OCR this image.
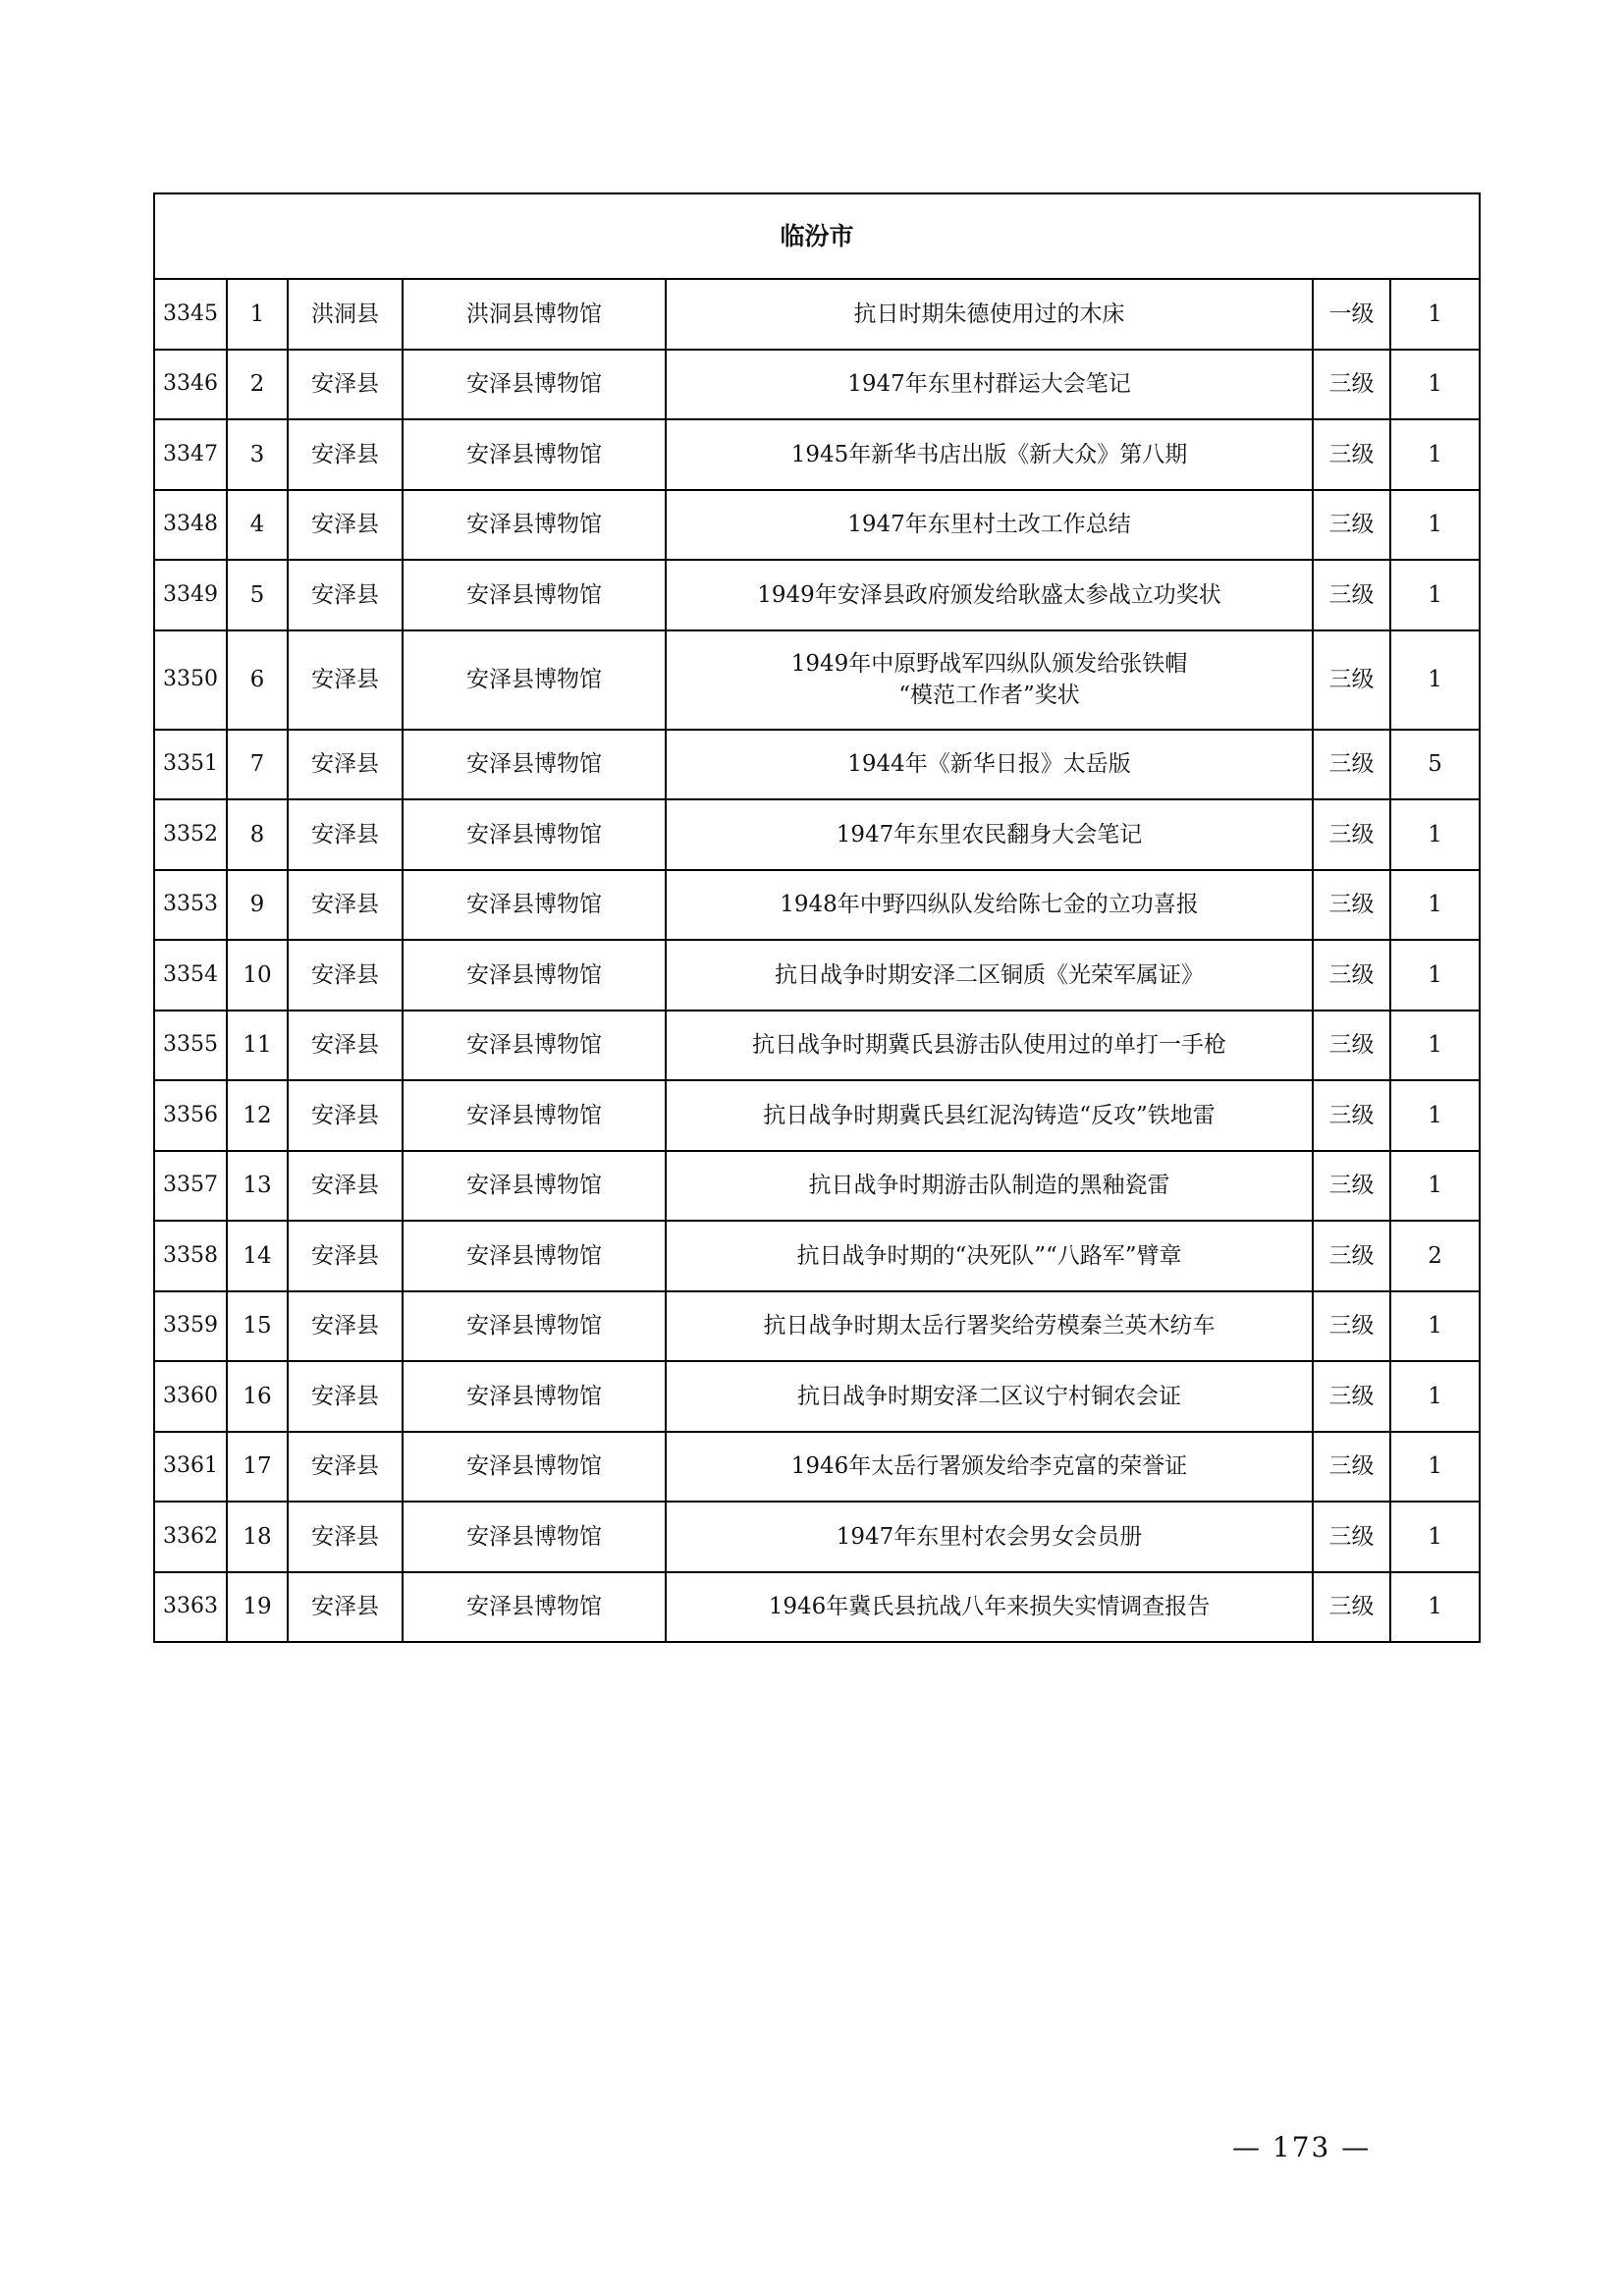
临汾市						
3345	1	洪洞县	洪洞县博物馆	抗日时期朱德使用过的木床	一级	1
3346	2	安泽县	安泽县博物馆	1947年东里村群运大会笔记	三级	1
3347	3	安泽县	安泽县博物馆	1945年新华书店出版《新大众》第八期	三级	1
3348	4	安泽县	安泽县博物馆	1947年东里村土改工作总结	三级	1
3349	5	安泽县	安泽县博物馆	1949年安泽县政府颁发给耿盛太参战立功奖状	三级	1
3350	6	安泽县	安泽县博物馆	1949年中原野战军四纵队颁发给张铁帽
“模范工作者”奖状	三级	1
3351	7	安泽县	安泽县博物馆	1944年《新华日报》太岳版	三级	5
3352	8	安泽县	安泽县博物馆	1947年东里农民翻身大会笔记	三级	1
3353	9	安泽县	安泽县博物馆	1948年中野四纵队发给陈七金的立功喜报	三级	1
3354	10	安泽县	安泽县博物馆	抗日战争时期安泽二区铜质《光荣军属证》	三级	1
3355	11	安泽县	安泽县博物馆	抗日战争时期冀氏县游击队使用过的单打一手枪	三级	1
3356	12	安泽县	安泽县博物馆	抗日战争时期冀氏县红泥沟铸造“反攻”铁地雷	三级	1
3357	13	安泽县	安泽县博物馆	抗日战争时期游击队制造的黑釉瓷雷	三级	1
3358	14	安泽县	安泽县博物馆	抗日战争时期的“决死队”“八路军”臂章	三级	2
3359	15	安泽县	安泽县博物馆	抗日战争时期太岳行署奖给劳模秦兰英木纺车	三级	1
3360	16	安泽县	安泽县博物馆	抗日战争时期安泽二区议宁村铜农会证	三级	1
3361	17	安泽县	安泽县博物馆	1946年太岳行署颁发给李克富的荣誉证	三级	1
3362	18	安泽县	安泽县博物馆	1947年东里村农会男女会员册	三级	1
3363	19	安泽县	安泽县博物馆	1946年冀氏县抗战八年来损失实情调查报告	三级	1
— 173 —
